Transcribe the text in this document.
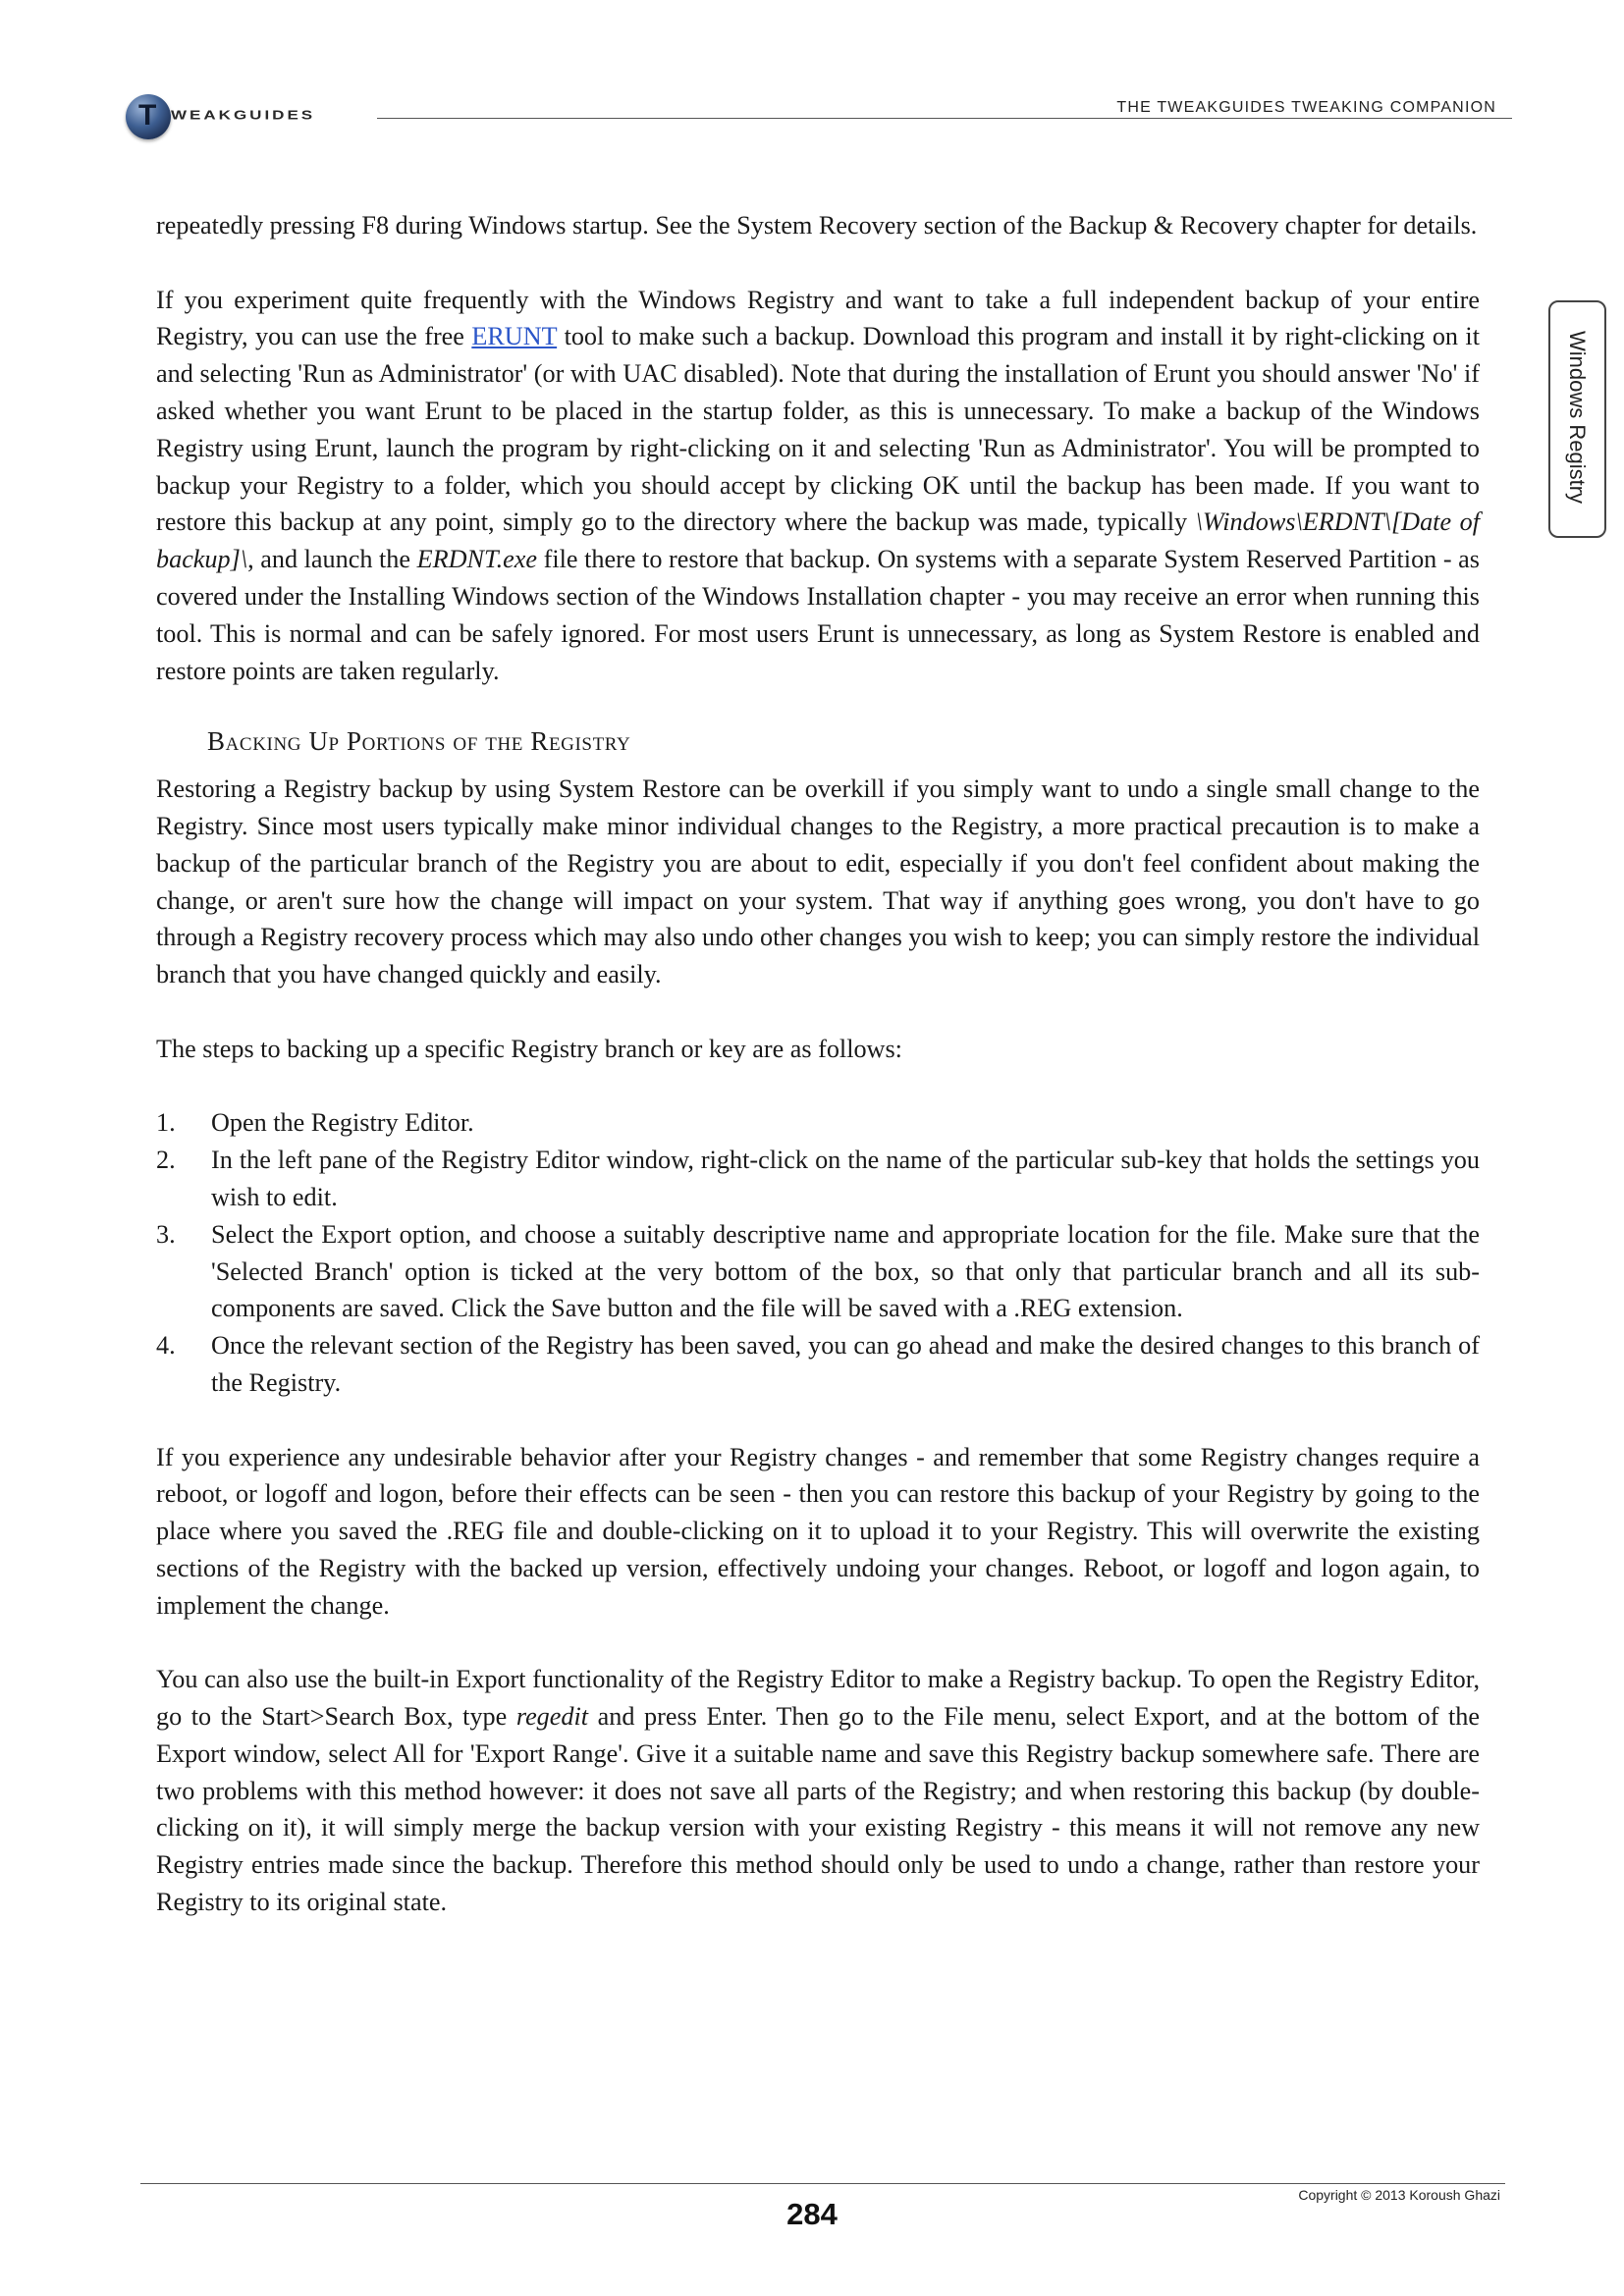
T WEAKGUIDES	THE TWEAKGUIDES TWEAKING COMPANION
Windows Registry

repeatedly pressing F8 during Windows startup. See the System Recovery section of the Backup & Recovery chapter for details.

If you experiment quite frequently with the Windows Registry and want to take a full independent backup of your entire Registry, you can use the free ERUNT tool to make such a backup. Download this program and install it by right-clicking on it and selecting 'Run as Administrator' (or with UAC disabled). Note that during the installation of Erunt you should answer 'No' if asked whether you want Erunt to be placed in the startup folder, as this is unnecessary. To make a backup of the Windows Registry using Erunt, launch the program by right-clicking on it and selecting 'Run as Administrator'. You will be prompted to backup your Registry to a folder, which you should accept by clicking OK until the backup has been made. If you want to restore this backup at any point, simply go to the directory where the backup was made, typically \Windows\ERDNT\[Date of backup]\, and launch the ERDNT.exe file there to restore that backup. On systems with a separate System Reserved Partition - as covered under the Installing Windows section of the Windows Installation chapter - you may receive an error when running this tool. This is normal and can be safely ignored. For most users Erunt is unnecessary, as long as System Restore is enabled and restore points are taken regularly.

Backing Up Portions of the Registry

Restoring a Registry backup by using System Restore can be overkill if you simply want to undo a single small change to the Registry. Since most users typically make minor individual changes to the Registry, a more practical precaution is to make a backup of the particular branch of the Registry you are about to edit, especially if you don't feel confident about making the change, or aren't sure how the change will impact on your system. That way if anything goes wrong, you don't have to go through a Registry recovery process which may also undo other changes you wish to keep; you can simply restore the individual branch that you have changed quickly and easily.

The steps to backing up a specific Registry branch or key are as follows:

1. Open the Registry Editor.
2. In the left pane of the Registry Editor window, right-click on the name of the particular sub-key that holds the settings you wish to edit.
3. Select the Export option, and choose a suitably descriptive name and appropriate location for the file. Make sure that the 'Selected Branch' option is ticked at the very bottom of the box, so that only that particular branch and all its sub-components are saved. Click the Save button and the file will be saved with a .REG extension.
4. Once the relevant section of the Registry has been saved, you can go ahead and make the desired changes to this branch of the Registry.

If you experience any undesirable behavior after your Registry changes - and remember that some Registry changes require a reboot, or logoff and logon, before their effects can be seen - then you can restore this backup of your Registry by going to the place where you saved the .REG file and double-clicking on it to upload it to your Registry. This will overwrite the existing sections of the Registry with the backed up version, effectively undoing your changes. Reboot, or logoff and logon again, to implement the change.

You can also use the built-in Export functionality of the Registry Editor to make a Registry backup. To open the Registry Editor, go to the Start>Search Box, type regedit and press Enter. Then go to the File menu, select Export, and at the bottom of the Export window, select All for 'Export Range'. Give it a suitable name and save this Registry backup somewhere safe. There are two problems with this method however: it does not save all parts of the Registry; and when restoring this backup (by double-clicking on it), it will simply merge the backup version with your existing Registry - this means it will not remove any new Registry entries made since the backup. Therefore this method should only be used to undo a change, rather than restore your Registry to its original state.

Copyright © 2013 Koroush Ghazi
284
